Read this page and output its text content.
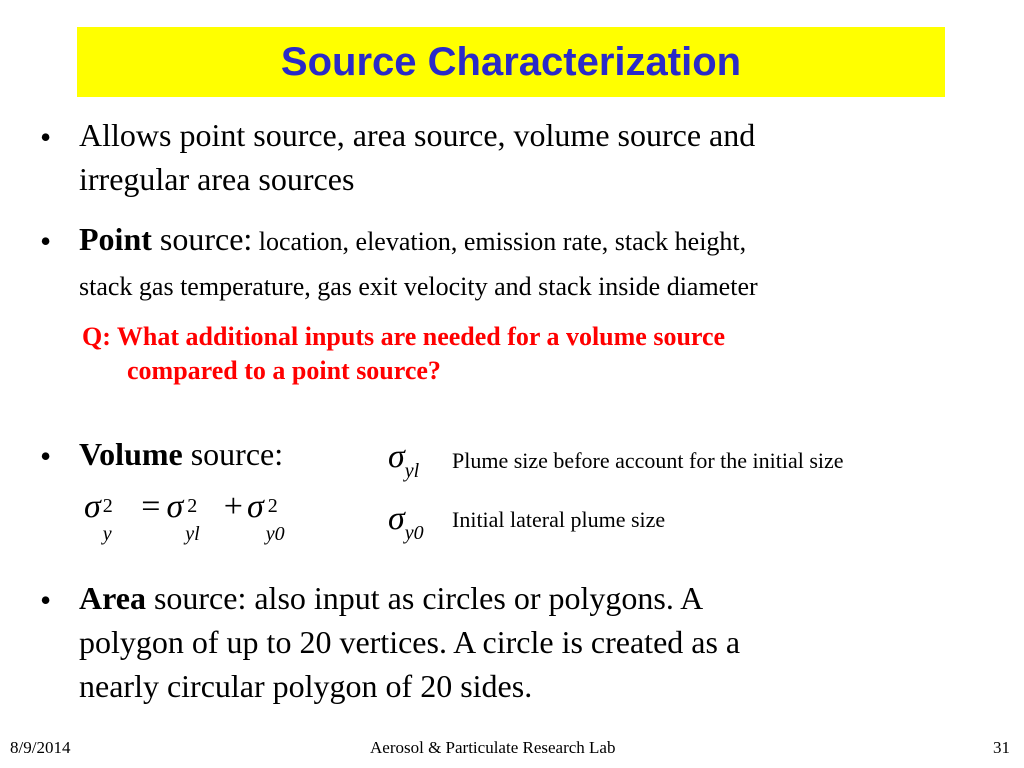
Source Characterization
• Allows point source, area source, volume source and
irregular area sources
• Point source: location, elevation, emission rate, stack height,
stack gas temperature, gas exit velocity and stack inside diameter
Q: What additional inputs are needed for a volume source
compared to a point source?
• Volume source:
σ 2
y
= σ 2
yl
+ σ 2
y0
$\sigma_{yl}$ Plume size before account for the initial size
$\sigma_{y0}$
Initial lateral plume size
• Area source: also input as circles or polygons. A
polygon of up to 20 vertices. A circle is created as a
nearly circular polygon of 20 sides.
8/9/2014	Aerosol & Particulate Research Lab	31
